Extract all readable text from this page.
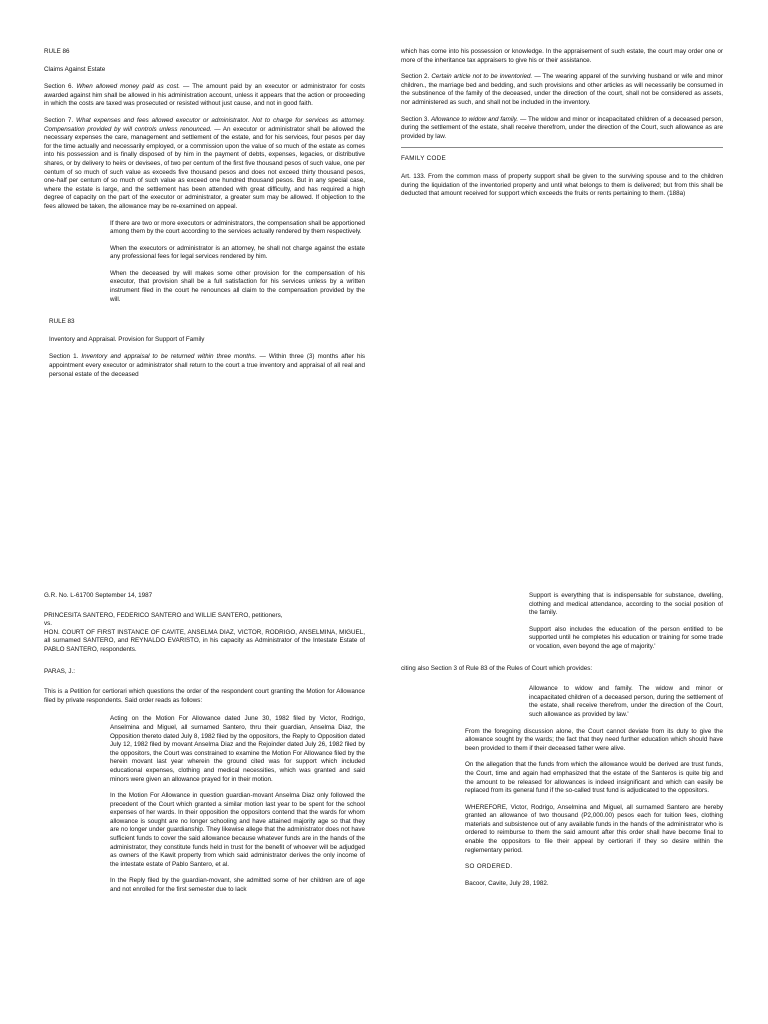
RULE 86

Claims Against Estate

Section 6. When allowed money paid as cost. — The amount paid by an executor or administrator for costs awarded against him shall be allowed in his administration account, unless it appears that the action or proceeding in which the costs are taxed was prosecuted or resisted without just cause, and not in good faith.

Section 7. What expenses and fees allowed executor or administrator. Not to charge for services as attorney. Compensation provided by will controls unless renounced. — An executor or administrator shall be allowed the necessary expenses the care, management and settlement of the estate, and for his services, four pesos per day for the time actually and necessarily employed, or a commission upon the value of so much of the estate as comes into his possession and is finally disposed of by him in the payment of debts, expenses, legacies, or distributive shares, or by delivery to heirs or devisees, of two per centum of the first five thousand pesos of such value, one per centum of so much of such value as exceeds five thousand pesos and does not exceed thirty thousand pesos, one-half per centum of so much of such value as exceed one hundred thousand pesos. But in any special case, where the estate is large, and the settlement has been attended with great difficulty, and has required a high degree of capacity on the part of the executor or administrator, a greater sum may be allowed. If objection to the fees allowed be taken, the allowance may be re-examined on appeal.

If there are two or more executors or administrators, the compensation shall be apportioned among them by the court according to the services actually rendered by them respectively.

When the executors or administrator is an attorney, he shall not charge against the estate any professional fees for legal services rendered by him.

When the deceased by will makes some other provision for the compensation of his executor, that provision shall be a full satisfaction for his services unless by a written instrument filed in the court he renounces all claim to the compensation provided by the will.

RULE 83

Inventory and Appraisal. Provision for Support of Family

Section 1. Inventory and appraisal to be returned within three months. — Within three (3) months after his appointment every executor or administrator shall return to the court a true inventory and appraisal of all real and personal estate of the deceased

which has come into his possession or knowledge. In the appraisement of such estate, the court may order one or more of the inheritance tax appraisers to give his or their assistance.

Section 2. Certain article not to be inventoried. — The wearing apparel of the surviving husband or wife and minor children., the marriage bed and bedding, and such provisions and other articles as will necessarily be consumed in the substinence of the family of the deceased, under the direction of the court, shall not be considered as assets, nor administered as such, and shall not be included in the inventory.

Section 3. Allowance to widow and family. — The widow and minor or incapacitated children of a deceased person, during the settlement of the estate, shall receive therefrom, under the direction of the Court, such allowance as are provided by law.

FAMILY CODE

Art. 133. From the common mass of property support shall be given to the surviving spouse and to the children during the liquidation of the inventoried property and until what belongs to them is delivered; but from this shall be deducted that amount received for support which exceeds the fruits or rents pertaining to them. (188a)

G.R. No. L-61700 September 14, 1987

PRINCESITA SANTERO, FEDERICO SANTERO and WILLIE SANTERO, petitioners,
vs.
HON. COURT OF FIRST INSTANCE OF CAVITE, ANSELMA DIAZ, VICTOR, RODRIGO, ANSELMINA, MIGUEL, all surnamed SANTERO, and REYNALDO EVARISTO, in his capacity as Administrator of the Intestate Estate of PABLO SANTERO, respondents.

PARAS, J.:

This is a Petition for certiorari which questions the order of the respondent court granting the Motion for Allowance filed by private respondents. Said order reads as follows:

Acting on the Motion For Allowance dated June 30, 1982 filed by Victor, Rodrigo, Anselmina and Miguel, all surnamed Santero, thru their guardian, Anselma Diaz, the Opposition thereto dated July 8, 1982 filed by the oppositors, the Reply to Opposition dated July 12, 1982 filed by movant Anselma Diaz and the Rejoinder dated July 26, 1982 filed by the oppositors, the Court was constrained to examine the Motion For Allowance filed by the herein movant last year wherein the ground cited was for support which included educational expenses, clothing and medical necessities, which was granted and said minors were given an allowance prayed for in their motion.

In the Motion For Allowance in question guardian-movant Anselma Diaz only followed the precedent of the Court which granted a similar motion last year to be spent for the school expenses of her wards. In their opposition the oppositors contend that the wards for whom allowance is sought are no longer schooling and have attained majority age so that they are no longer under guardianship. They likewise allege that the administrator does not have sufficient funds to cover the said allowance because whatever funds are in the hands of the administrator, they constitute funds held in trust for the benefit of whoever will be adjudged as owners of the Kawit property from which said administrator derives the only income of the intestate estate of Pablo Santero, et al.

In the Reply filed by the guardian-movant, she admitted some of her children are of age and not enrolled for the first semester due to lack

Support is everything that is indispensable for substance, dwelling, clothing and medical attendance, according to the social position of the family.

Support also includes the education of the person entitled to be supported until he completes his education or training for some trade or vocation, even beyond the age of majority.'

citing also Section 3 of Rule 83 of the Rules of Court which provides:

Allowance to widow and family. The widow and minor or incapacitated children of a deceased person, during the settlement of the estate, shall receive therefrom, under the direction of the Court, such allowance as provided by law.'

From the foregoing discussion alone, the Court cannot deviate from its duty to give the allowance sought by the wards; the fact that they need further education which should have been provided to them if their deceased father were alive.

On the allegation that the funds from which the allowance would be derived are trust funds, the Court, time and again had emphasized that the estate of the Santeros is quite big and the amount to be released for allowances is indeed insignificant and which can easily be replaced from its general fund if the so-called trust fund is adjudicated to the oppositors.

WHEREFORE, Victor, Rodrigo, Anselmina and Miguel, all surnamed Santero are hereby granted an allowance of two thousand (P2,000.00) pesos each for tuition fees, clothing materials and subsistence out of any available funds in the hands of the administrator who is ordered to reimburse to them the said amount after this order shall have become final to enable the oppositors to file their appeal by certiorari if they so desire within the reglementary period.

SO ORDERED.

Bacoor, Cavite, July 28, 1982.
